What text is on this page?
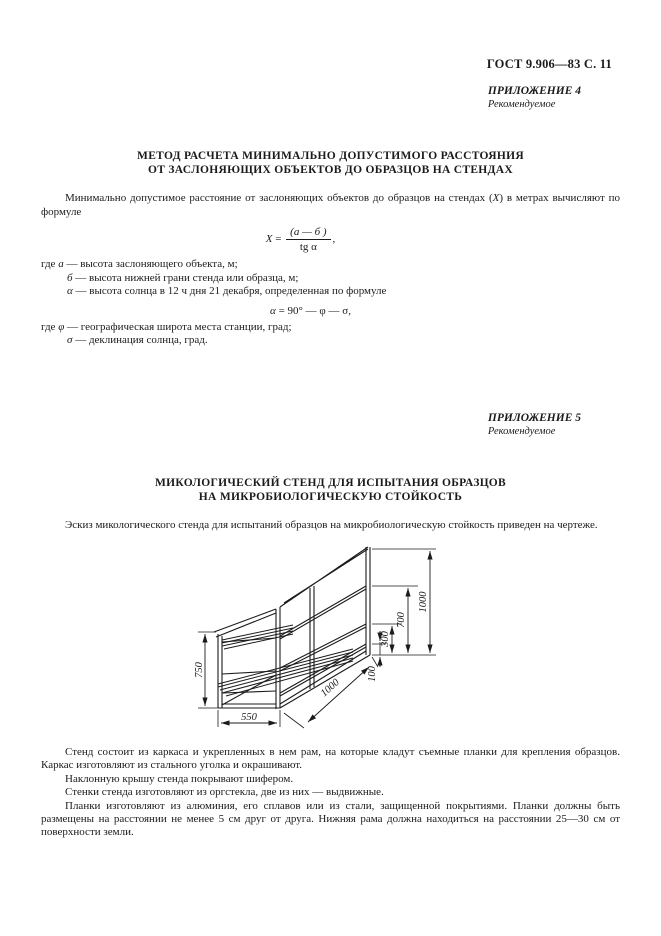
ГОСТ 9.906—83 С. 11
ПРИЛОЖЕНИЕ 4
Рекомендуемое
МЕТОД РАСЧЕТА МИНИМАЛЬНО ДОПУСТИМОГО РАССТОЯНИЯ
ОТ ЗАСЛОНЯЮЩИХ ОБЪЕКТОВ ДО ОБРАЗЦОВ НА СТЕНДАХ

Минимально допустимое расстояние от заслоняющих объектов до образцов на стендах (X) в метрах вычисляют по формуле

$X = \frac{(a — б )}{\text{tg α}}$ ,
где a — высота заслоняющего объекта, м;
б — высота нижней грани стенда или образца, м;
α — высота солнца в 12 ч дня 21 декабря, определенная по формуле
α = 90° — φ — σ,
где φ — географическая широта места станции, град;
σ — деклинация солнца, град.
ПРИЛОЖЕНИЕ 5
Рекомендуемое
МИКОЛОГИЧЕСКИЙ СТЕНД ДЛЯ ИСПЫТАНИЯ ОБРАЗЦОВ
НА МИКРОБИОЛОГИЧЕСКУЮ СТОЙКОСТЬ

Эскиз микологического стенда для испытаний образцов на микробиологическую стойкость приведен на чертеже.

750
550
1000
1000
700
300
100

Стенд состоит из каркаса и укрепленных в нем рам, на которые кладут съемные планки для крепления образцов. Каркас изготовляют из стального уголка и окрашивают.

Наклонную крышу стенда покрывают шифером.

Стенки стенда изготовляют из оргстекла, две из них — выдвижные.

Планки изготовляют из алюминия, его сплавов или из стали, защищенной покрытиями. Планки должны быть размещены на расстоянии не менее 5 см друг от друга. Нижняя рама должна находиться на расстоянии 25—30 см от поверхности земли.
